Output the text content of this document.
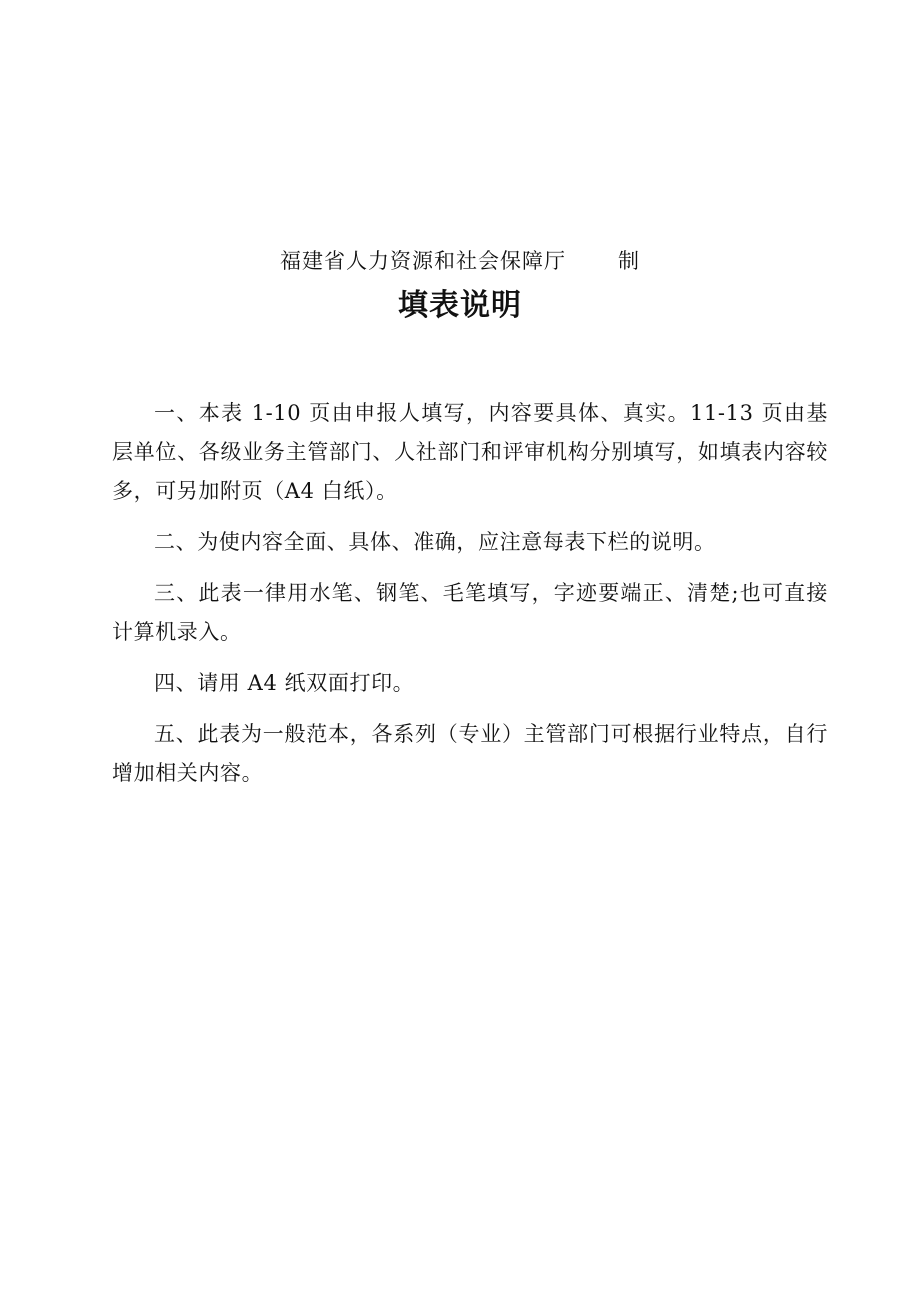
福建省人力资源和社会保障厅 制
填表说明

一、本表 1-10 页由申报人填写，内容要具体、真实。11-13 页由基层单位、各级业务主管部门、人社部门和评审机构分别填写，如填表内容较多，可另加附页（A4 白纸）。

二、为使内容全面、具体、准确，应注意每表下栏的说明。

三、此表一律用水笔、钢笔、毛笔填写，字迹要端正、清楚;也可直接计算机录入。

四、请用 A4 纸双面打印。

五、此表为一般范本，各系列（专业）主管部门可根据行业特点，自行增加相关内容。
